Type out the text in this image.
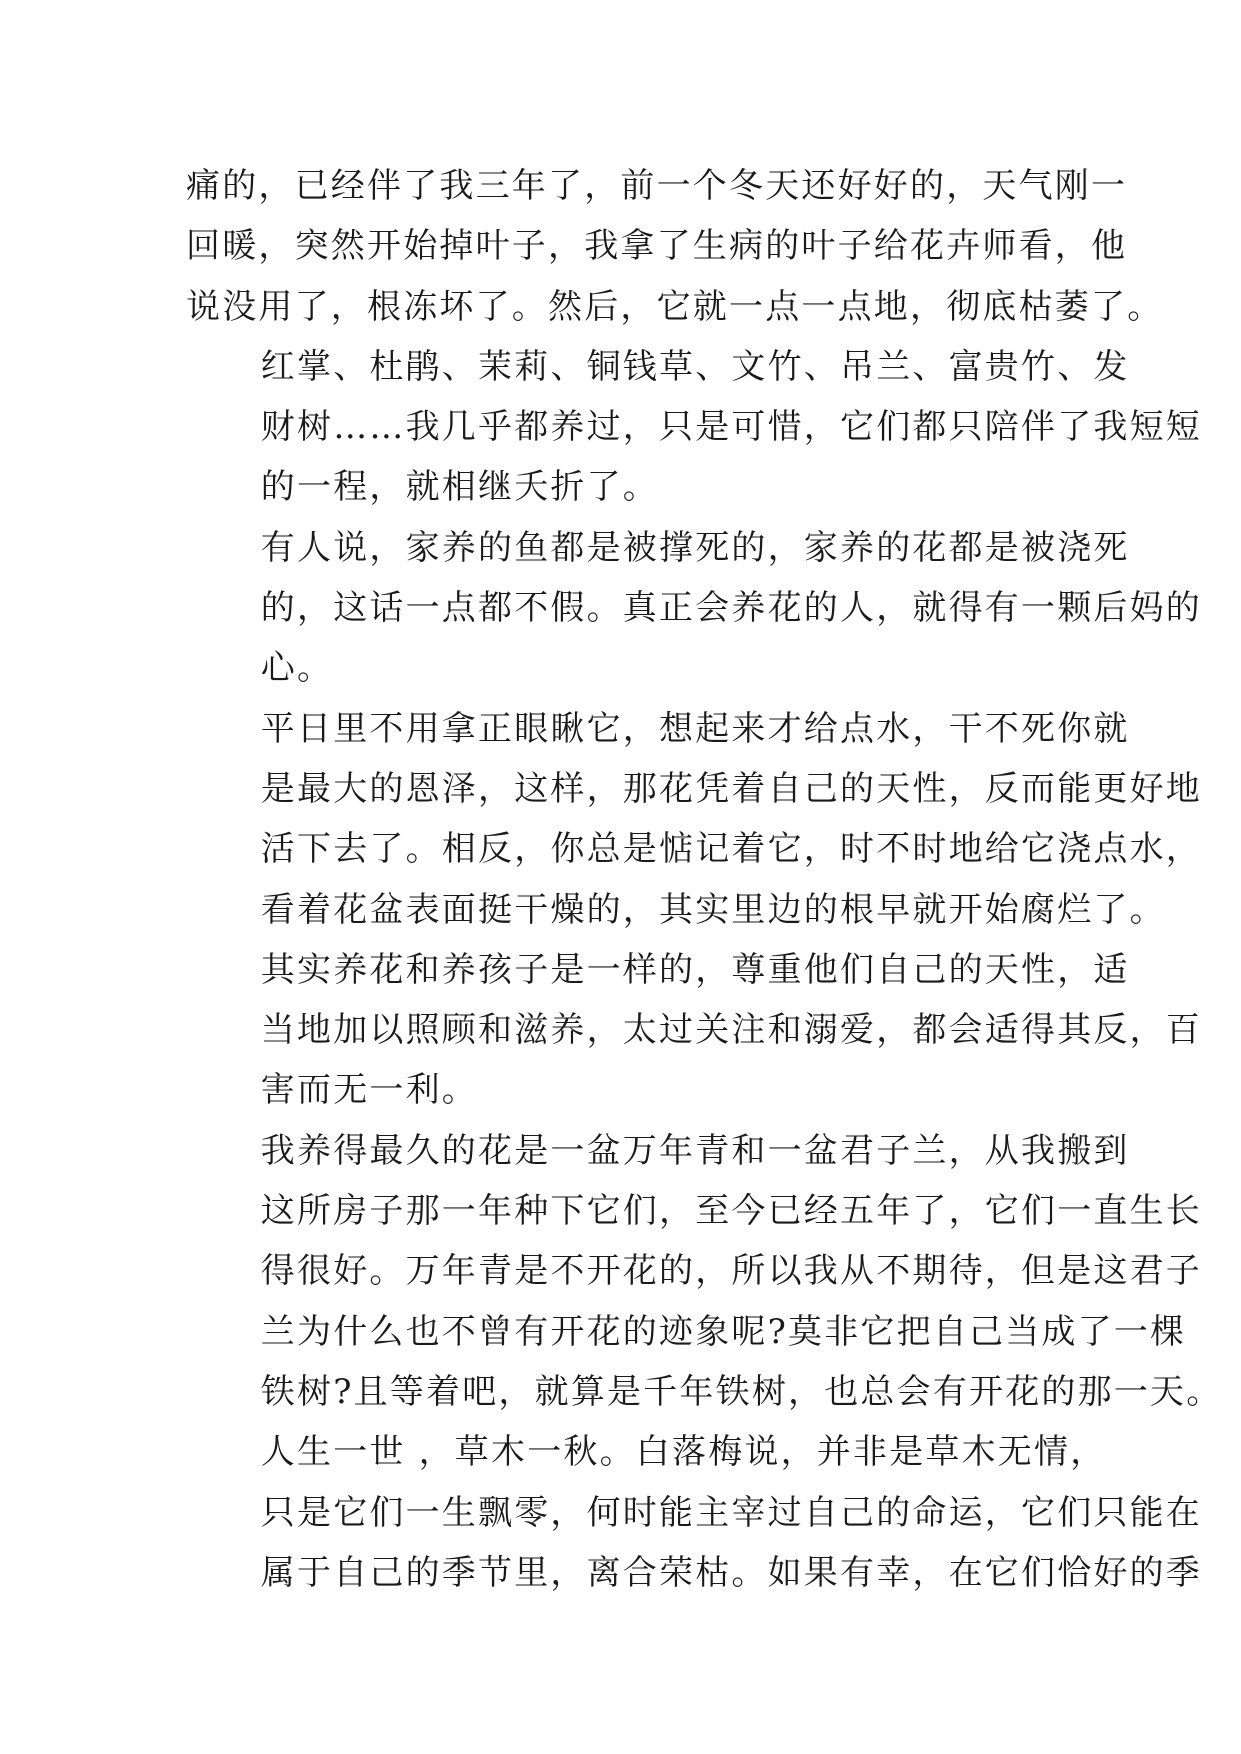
痛的，已经伴了我三年了，前一个冬天还好好的，天气刚一
回暖，突然开始掉叶子，我拿了生病的叶子给花卉师看，他
说没用了，根冻坏了。然后，它就一点一点地，彻底枯萎了。

红掌、杜鹃、茉莉、铜钱草、文竹、吊兰、富贵竹、发
财树……我几乎都养过，只是可惜，它们都只陪伴了我短短
的一程，就相继夭折了。

有人说，家养的鱼都是被撑死的，家养的花都是被浇死
的，这话一点都不假。真正会养花的人，就得有一颗后妈的
心。

平日里不用拿正眼瞅它，想起来才给点水，干不死你就
是最大的恩泽，这样，那花凭着自己的天性，反而能更好地
活下去了。相反，你总是惦记着它，时不时地给它浇点水，
看着花盆表面挺干燥的，其实里边的根早就开始腐烂了。

其实养花和养孩子是一样的，尊重他们自己的天性，适
当地加以照顾和滋养，太过关注和溺爱，都会适得其反，百
害而无一利。

我养得最久的花是一盆万年青和一盆君子兰，从我搬到
这所房子那一年种下它们，至今已经五年了，它们一直生长
得很好。万年青是不开花的，所以我从不期待，但是这君子
兰为什么也不曾有开花的迹象呢?莫非它把自己当成了一棵
铁树?且等着吧，就算是千年铁树，也总会有开花的那一天。

人生一世 ，草木一秋。白落梅说，并非是草木无情，
只是它们一生飘零，何时能主宰过自己的命运，它们只能在
属于自己的季节里，离合荣枯。如果有幸，在它们恰好的季
